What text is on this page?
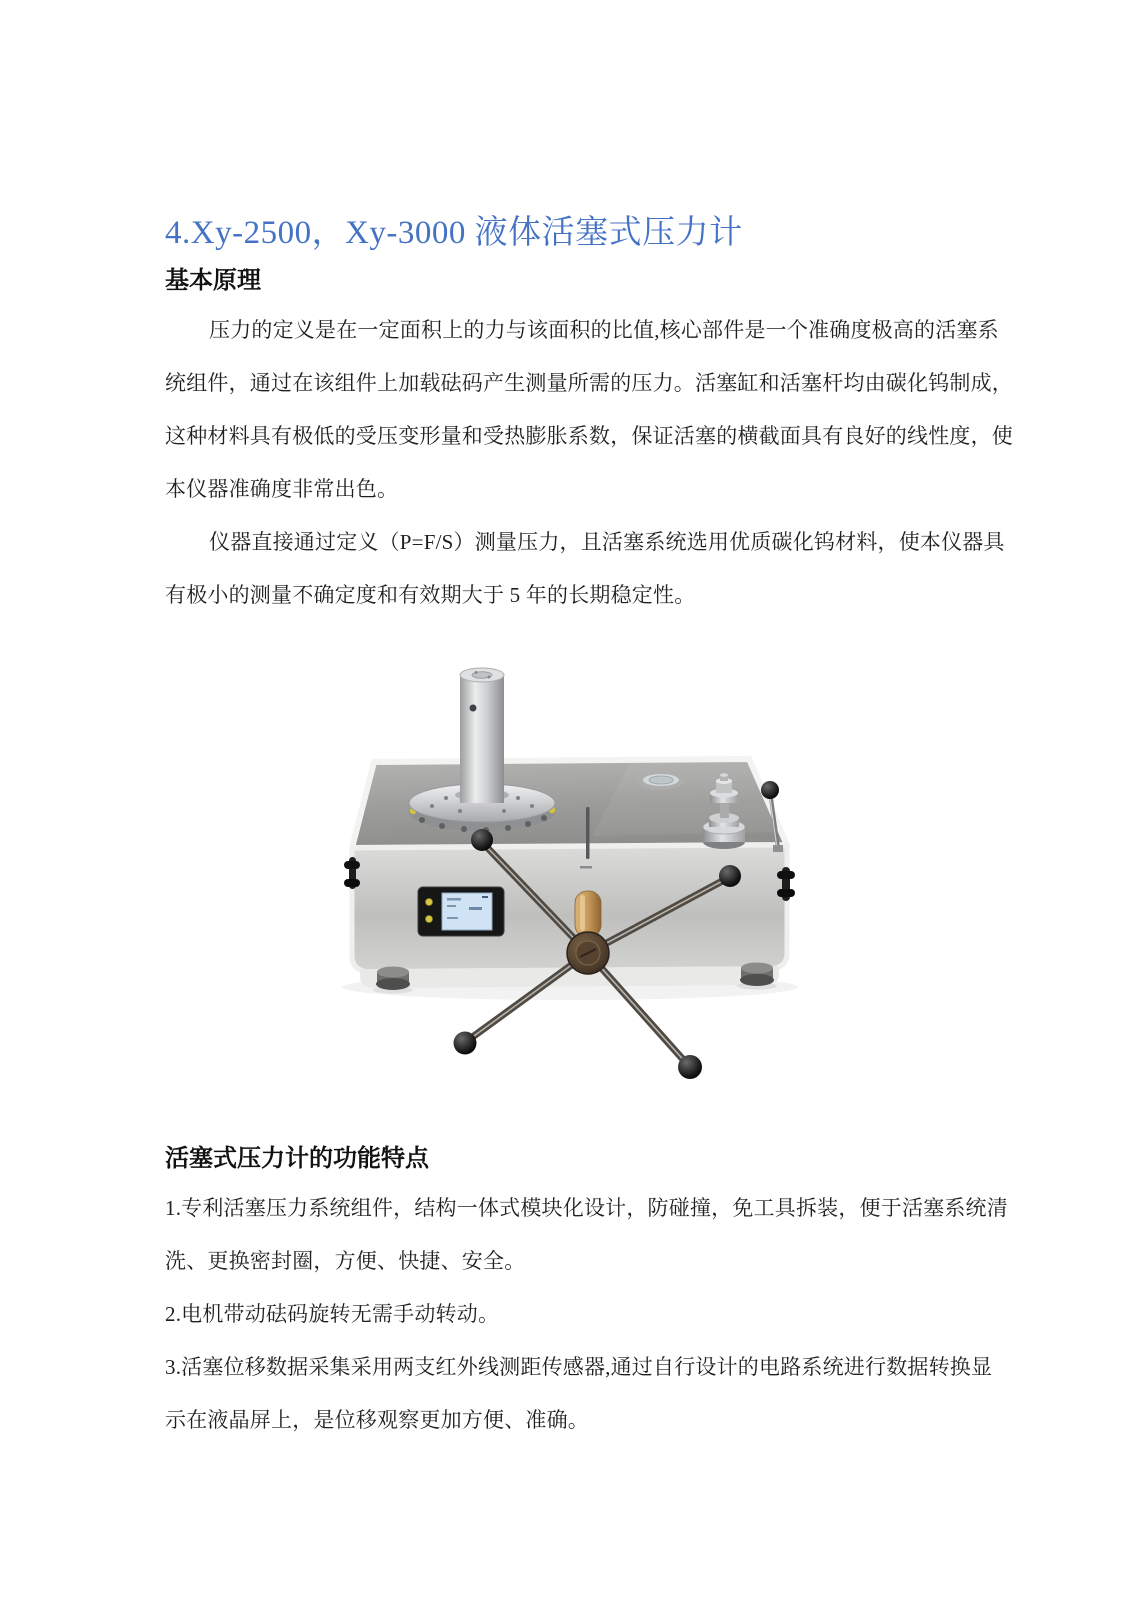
4.Xy-2500，Xy-3000 液体活塞式压力计
基本原理

压力的定义是在一定面积上的力与该面积的比值,核心部件是一个准确度极高的活塞系

统组件，通过在该组件上加载砝码产生测量所需的压力。活塞缸和活塞杆均由碳化钨制成，

这种材料具有极低的受压变形量和受热膨胀系数，保证活塞的横截面具有良好的线性度，使

本仪器准确度非常出色。

仪器直接通过定义（P=F/S）测量压力，且活塞系统选用优质碳化钨材料，使本仪器具

有极小的测量不确定度和有效期大于 5 年的长期稳定性。

活塞式压力计的功能特点

1.专利活塞压力系统组件，结构一体式模块化设计，防碰撞，免工具拆装，便于活塞系统清

洗、更换密封圈，方便、快捷、安全。

2.电机带动砝码旋转无需手动转动。

3.活塞位移数据采集采用两支红外线测距传感器,通过自行设计的电路系统进行数据转换显

示在液晶屏上，是位移观察更加方便、准确。
